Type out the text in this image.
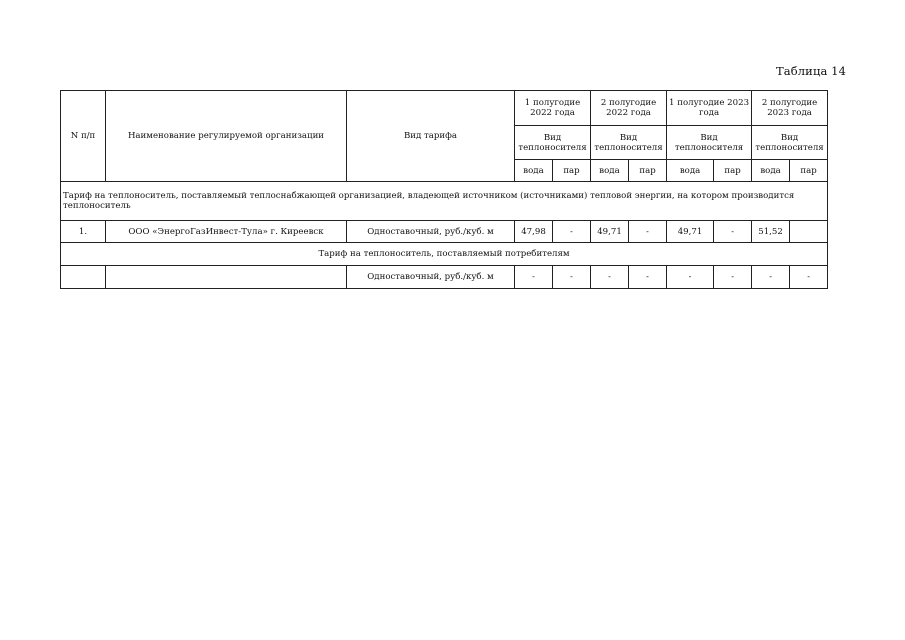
Таблица 14
N п/п	Наименование регулируемой организации	Вид тарифа	1 полугодие 2022 года		2 полугодие 2022 года		1 полугодие 2023 года		2 полугодие 2023 года	
			Вид теплоносителя		Вид теплоносителя		Вид теплоносителя		Вид теплоносителя	
			вода	пар	вода	пар	вода	пар	вода	пар
Тариф на теплоноситель, поставляемый теплоснабжающей организацией, владеющей источником (источниками) тепловой энергии, на котором производится теплоноситель										
1.	ООО «ЭнергоГазИнвест-Тула» г. Киреевск	Одноставочный, руб./куб. м	47,98	-	49,71	-	49,71	-	51,52	
Тариф на теплоноситель, поставляемый потребителям										
		Одноставочный, руб./куб. м	-	-	-	-	-	-	-	-
